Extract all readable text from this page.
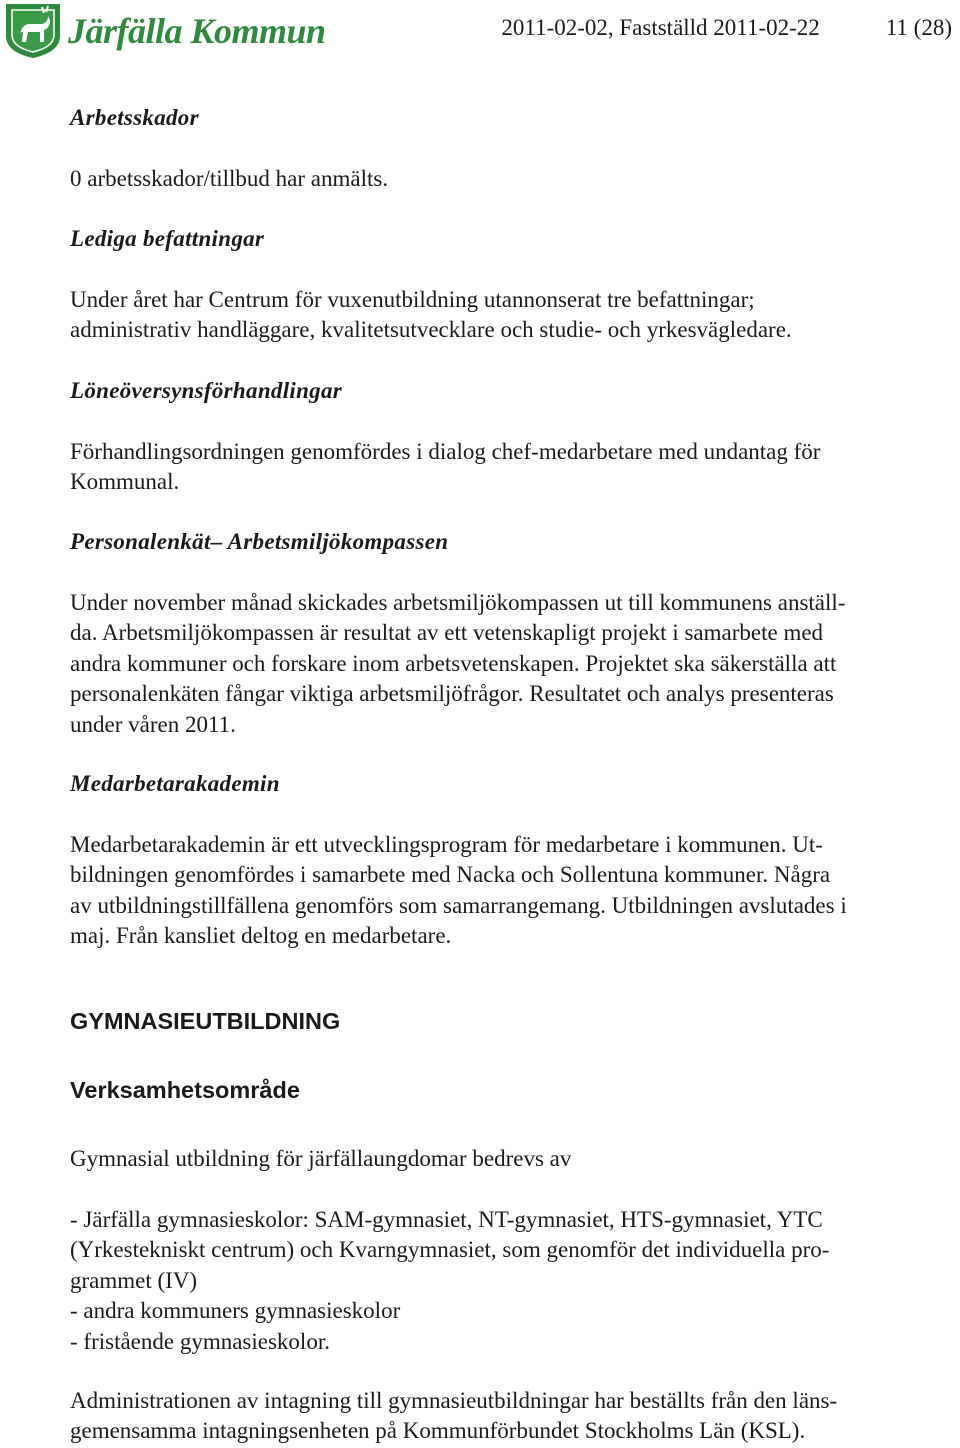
Järfälla Kommun	2011-02-02, Fastställd 2011-02-22	11 (28)
Arbetsskador
0 arbetsskador/tillbud har anmälts.
Lediga befattningar
Under året har Centrum för vuxenutbildning utannonserat tre befattningar;
administrativ handläggare, kvalitetsutvecklare och studie- och yrkesvägledare.
Löneöversynsförhandlingar
Förhandlingsordningen genomfördes i dialog chef-medarbetare med undantag för
Kommunal.
Personalenkät– Arbetsmiljökompassen
Under november månad skickades arbetsmiljökompassen ut till kommunens anställ-
da. Arbetsmiljökompassen är resultat av ett vetenskapligt projekt i samarbete med
andra kommuner och forskare inom arbetsvetenskapen. Projektet ska säkerställa att
personalenkäten fångar viktiga arbetsmiljöfrågor. Resultatet och analys presenteras
under våren 2011.
Medarbetarakademin
Medarbetarakademin är ett utvecklingsprogram för medarbetare i kommunen. Ut-
bildningen genomfördes i samarbete med Nacka och Sollentuna kommuner. Några
av utbildningstillfällena genomförs som samarrangemang. Utbildningen avslutades i
maj. Från kansliet deltog en medarbetare.
GYMNASIEUTBILDNING
Verksamhetsområde
Gymnasial utbildning för järfällaungdomar bedrevs av
- Järfälla gymnasieskolor: SAM-gymnasiet, NT-gymnasiet, HTS-gymnasiet, YTC
(Yrkestekniskt centrum) och Kvarngymnasiet, som genomför det individuella pro-
grammet (IV)
- andra kommuners gymnasieskolor
- fristående gymnasieskolor.
Administrationen av intagning till gymnasieutbildningar har beställts från den läns-
gemensamma intagningsenheten på Kommunförbundet Stockholms Län (KSL).
